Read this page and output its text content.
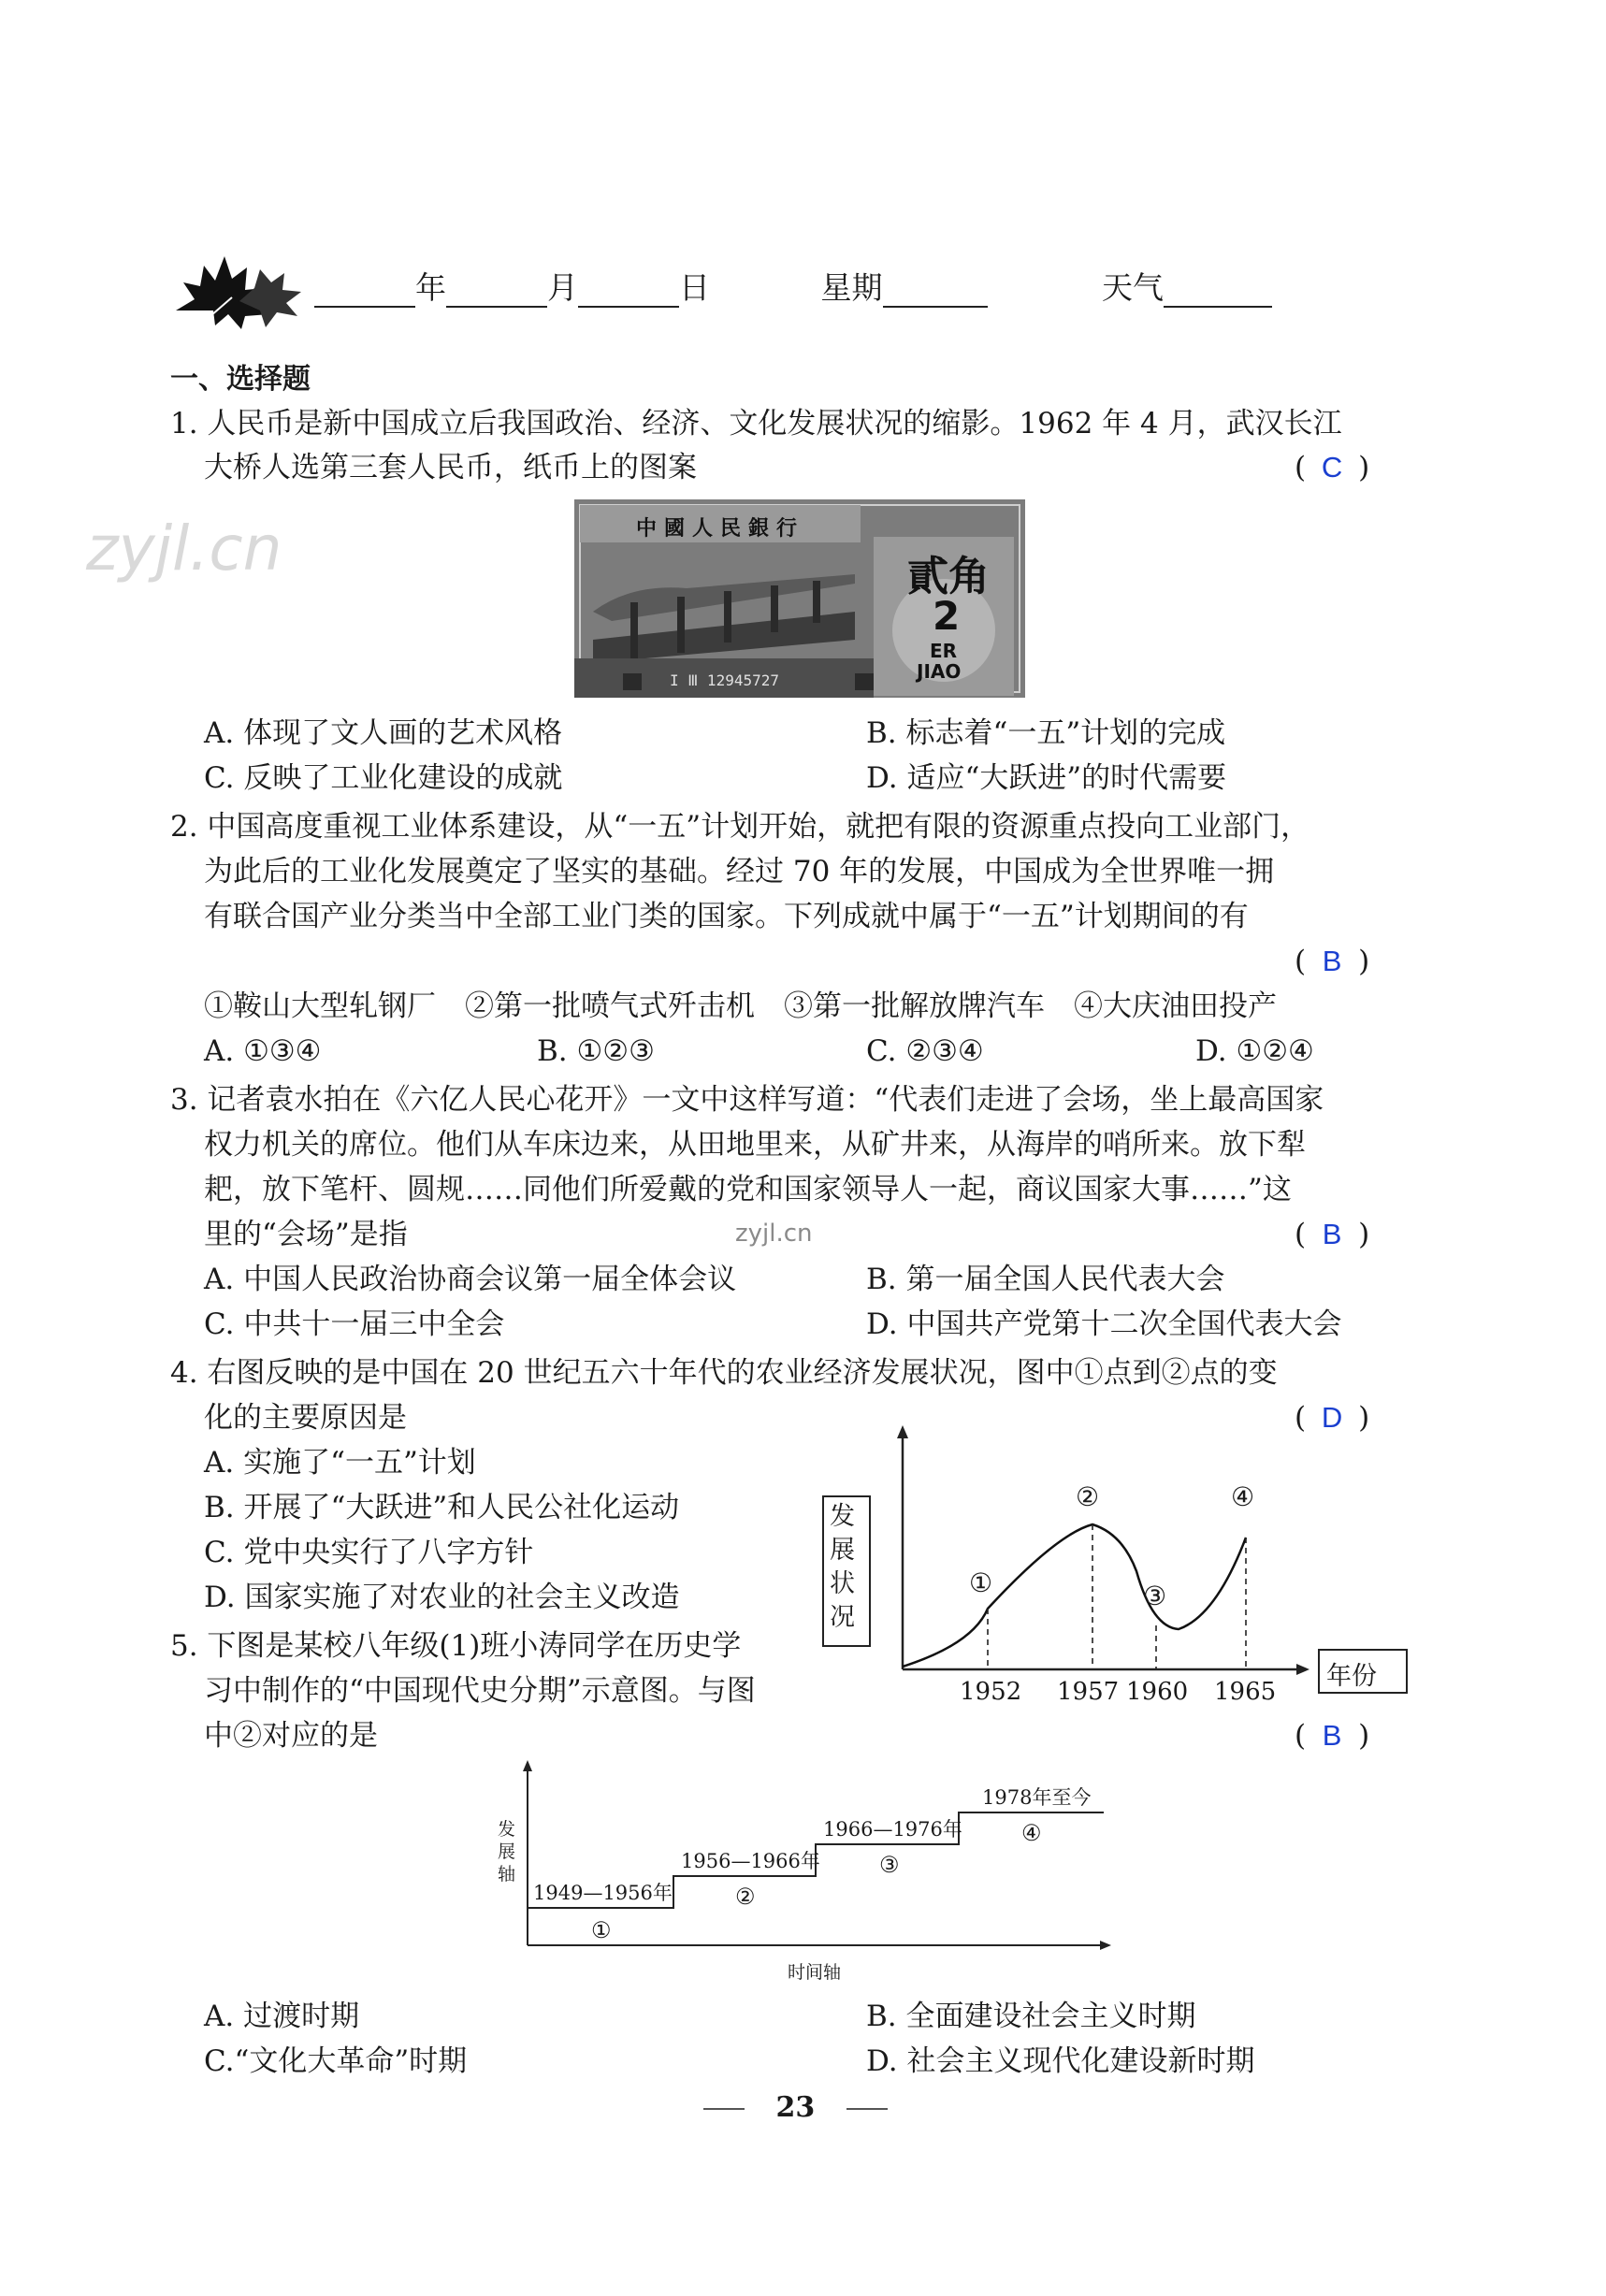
年	月	日	星期	天气
一、选择题
1. 人民币是新中国成立后我国政治、经济、文化发展状况的缩影。1962 年 4 月，武汉长江
大桥人选第三套人民币，纸币上的图案	( C )
zyjl.cn	中國人民銀行
貳角
2
ER
JIAO
I Ⅲ 12945727
A. 体现了文人画的艺术风格	B. 标志着“一五”计划的完成
C. 反映了工业化建设的成就	D. 适应“大跃进”的时代需要
2. 中国高度重视工业体系建设，从“一五”计划开始，就把有限的资源重点投向工业部门，
为此后的工业化发展奠定了坚实的基础。经过 70 年的发展，中国成为全世界唯一拥
有联合国产业分类当中全部工业门类的国家。下列成就中属于“一五”计划期间的有
( B )
①鞍山大型轧钢厂　②第一批喷气式歼击机　③第一批解放牌汽车　④大庆油田投产
A. ①③④	B. ①②③	C. ②③④	D. ①②④
3. 记者袁水拍在《六亿人民心花开》一文中这样写道：“代表们走进了会场，坐上最高国家
权力机关的席位。他们从车床边来，从田地里来，从矿井来，从海岸的哨所来。放下犁
耙，放下笔杆、圆规……同他们所爱戴的党和国家领导人一起，商议国家大事……”这
里的“会场”是指	zyjl.cn	( B )
A. 中国人民政治协商会议第一届全体会议	B. 第一届全国人民代表大会
C. 中共十一届三中全会	D. 中国共产党第十二次全国代表大会
4. 右图反映的是中国在 20 世纪五六十年代的农业经济发展状况，图中①点到②点的变
化的主要原因是	( D )
A. 实施了“一五”计划
B. 开展了“大跃进”和人民公社化运动
C. 党中央实行了八字方针
D. 国家实施了对农业的社会主义改造
发展状况
年份
①
②
③
④
1952 1957 1960 1965
5. 下图是某校八年级(1)班小涛同学在历史学
习中制作的“中国现代史分期”示意图。与图
中②对应的是	( B )
发展轴
时间轴
1949—1956年
①
1956—1966年
②
1966—1976年
③
1978年至今
④
A. 过渡时期	B. 全面建设社会主义时期
C.“文化大革命”时期	D. 社会主义现代化建设新时期
23
